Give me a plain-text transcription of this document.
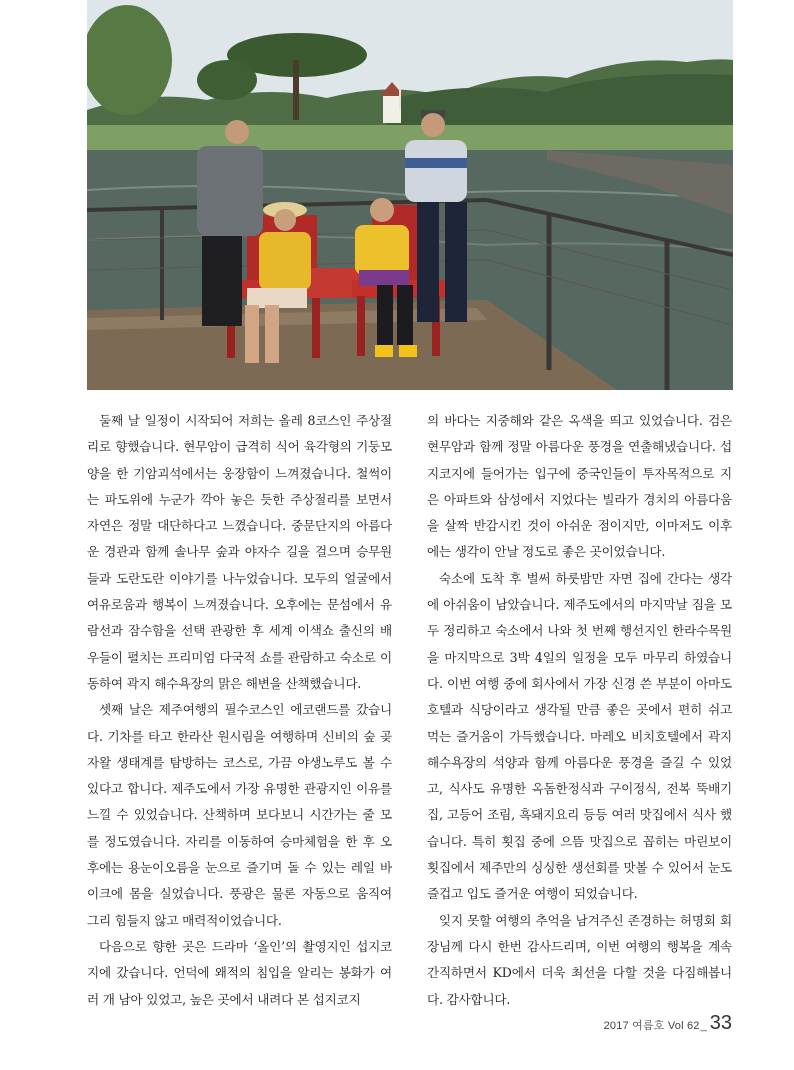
둘째 날 일정이 시작되어 저희는 올레 8코스인 주상절리로 향했습니다. 현무암이 급격히 식어 육각형의 기둥모양을 한 기암괴석에서는 웅장함이 느껴졌습니다. 철썩이는 파도위에 누군가 깍아 놓은 듯한 주상절리를 보면서 자연은 정말 대단하다고 느꼈습니다. 중문단지의 아름다운 경관과 함께 솔나무 숲과 야자수 길을 걸으며 승무원들과 도란도란 이야기를 나누었습니다. 모두의 얼굴에서 여유로움과 행복이 느껴졌습니다. 오후에는 문섬에서 유람선과 잠수함을 선택 관광한 후 세계 이색쇼 출신의 배우들이 펼치는 프리미엄 다국적 쇼를 관람하고 숙소로 이동하여 곽지 해수욕장의 맑은 해변을 산책했습니다.

셋째 날은 제주여행의 필수코스인 에코랜드를 갔습니다. 기차를 타고 한라산 원시림을 여행하며 신비의 숲 곶자왈 생태계를 탐방하는 코스로, 가끔 야생노루도 볼 수 있다고 합니다. 제주도에서 가장 유명한 관광지인 이유를 느낄 수 있었습니다. 산책하며 보다보니 시간가는 줄 모를 정도였습니다. 자리를 이동하여 승마체험을 한 후 오후에는 용눈이오름을 눈으로 즐기며 돌 수 있는 레일 바이크에 몸을 실었습니다. 풍광은 물론 자동으로 움직여 그리 힘들지 않고 매력적이었습니다.

다음으로 향한 곳은 드라마 ‘올인’의 촬영지인 섭지코지에 갔습니다. 언덕에 왜적의 침입을 알리는 봉화가 여러 개 남아 있었고, 높은 곳에서 내려다 본 섭지코지

의 바다는 지중해와 같은 옥색을 띄고 있었습니다. 검은 현무암과 함께 정말 아름다운 풍경을 연출해냈습니다. 섭지코지에 들어가는 입구에 중국인들이 투자목적으로 지은 아파트와 삼성에서 지었다는 빌라가 경치의 아름다움을 살짝 반감시킨 것이 아쉬운 점이지만, 이마저도 이후에는 생각이 안날 정도로 좋은 곳이었습니다.

숙소에 도착 후 벌써 하룻밤만 자면 집에 간다는 생각에 아쉬움이 남았습니다. 제주도에서의 마지막날 짐을 모두 정리하고 숙소에서 나와 첫 번째 행선지인 한라수목원을 마지막으로 3박 4일의 일정을 모두 마무리 하였습니다. 이번 여행 중에 회사에서 가장 신경 쓴 부분이 아마도 호텔과 식당이라고 생각될 만큼 좋은 곳에서 편히 쉬고 먹는 즐거움이 가득했습니다. 마레오 비치호텔에서 곽지 해수욕장의 석양과 함께 아름다운 풍경을 즐길 수 있었고, 식사도 유명한 옥돔한정식과 구이정식, 전복 뚝배기집, 고등어 조림, 흑돼지요리 등등 여러 맛집에서 식사 했습니다. 특히 횟집 중에 으뜸 맛집으로 꼽히는 마린보이 횟집에서 제주만의 싱싱한 생선회를 맛볼 수 있어서 눈도 즐겁고 입도 즐거운 여행이 되었습니다.

잊지 못할 여행의 추억을 남겨주신 존경하는 허명회 회장님께 다시 한번 감사드리며, 이번 여행의 행복을 계속 간직하면서 KD에서 더욱 최선을 다할 것을 다짐해봅니다. 감사합니다.

2017 여름호 Vol 62 _ 33
